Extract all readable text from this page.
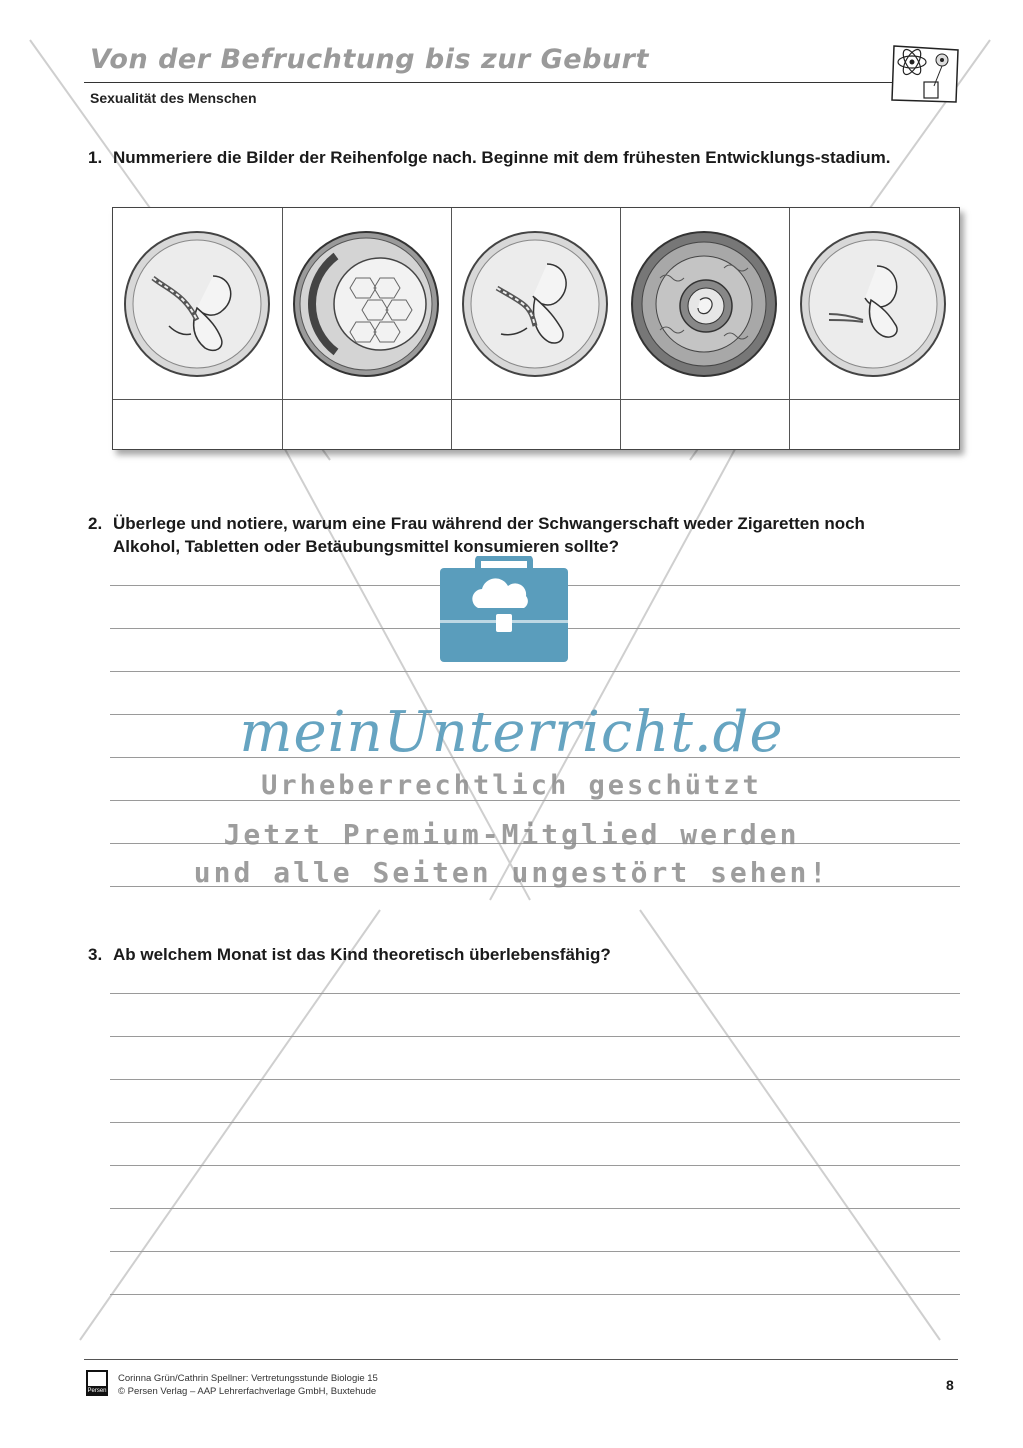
Von der Befruchtung bis zur Geburt
Sexualität des Menschen
1. Nummeriere die Bilder der Reihenfolge nach. Beginne mit dem frühesten Entwicklungs-stadium.
2. Überlege und notiere, warum eine Frau während der Schwangerschaft weder Zigaretten noch Alkohol, Tabletten oder Betäubungsmittel konsumieren sollte?
3. Ab welchem Monat ist das Kind theoretisch überlebensfähig?
meinUnterricht.de
Urheberrechtlich geschützt
Jetzt Premium-Mitglied werden
und alle Seiten ungestört sehen!
Persen
Corinna Grün/Cathrin Spellner: Vertretungsstunde Biologie 15
© Persen Verlag – AAP Lehrerfachverlage GmbH, Buxtehude	8
